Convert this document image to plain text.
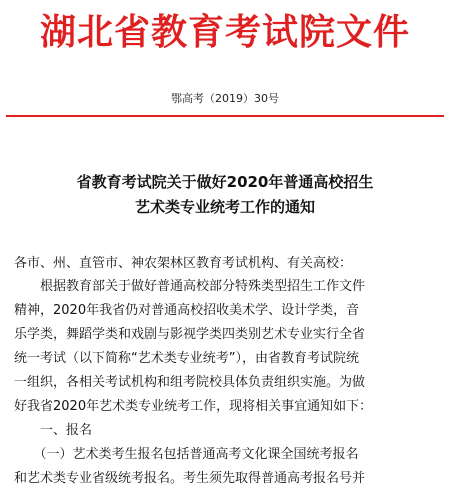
湖北省教育考试院文件
鄂高考（2019）30号
省教育考试院关于做好2020年普通高校招生
艺术类专业统考工作的通知
各市、州、直管市、神农架林区教育考试机构、有关高校：
　　根据教育部关于做好普通高校部分特殊类型招生工作文件
精神，2020年我省仍对普通高校招收美术学、设计学类，音
乐学类，舞蹈学类和戏剧与影视学类四类别艺术专业实行全省
统一考试（以下简称“艺术类专业统考”），由省教育考试院统
一组织，各相关考试机构和组考院校具体负责组织实施。为做
好我省2020年艺术类专业统考工作，现将相关事宜通知如下：
　　一、报名
　　（一）艺术类考生报名包括普通高考文化课全国统考报名
和艺术类专业省级统考报名。考生须先取得普通高考报名号并
